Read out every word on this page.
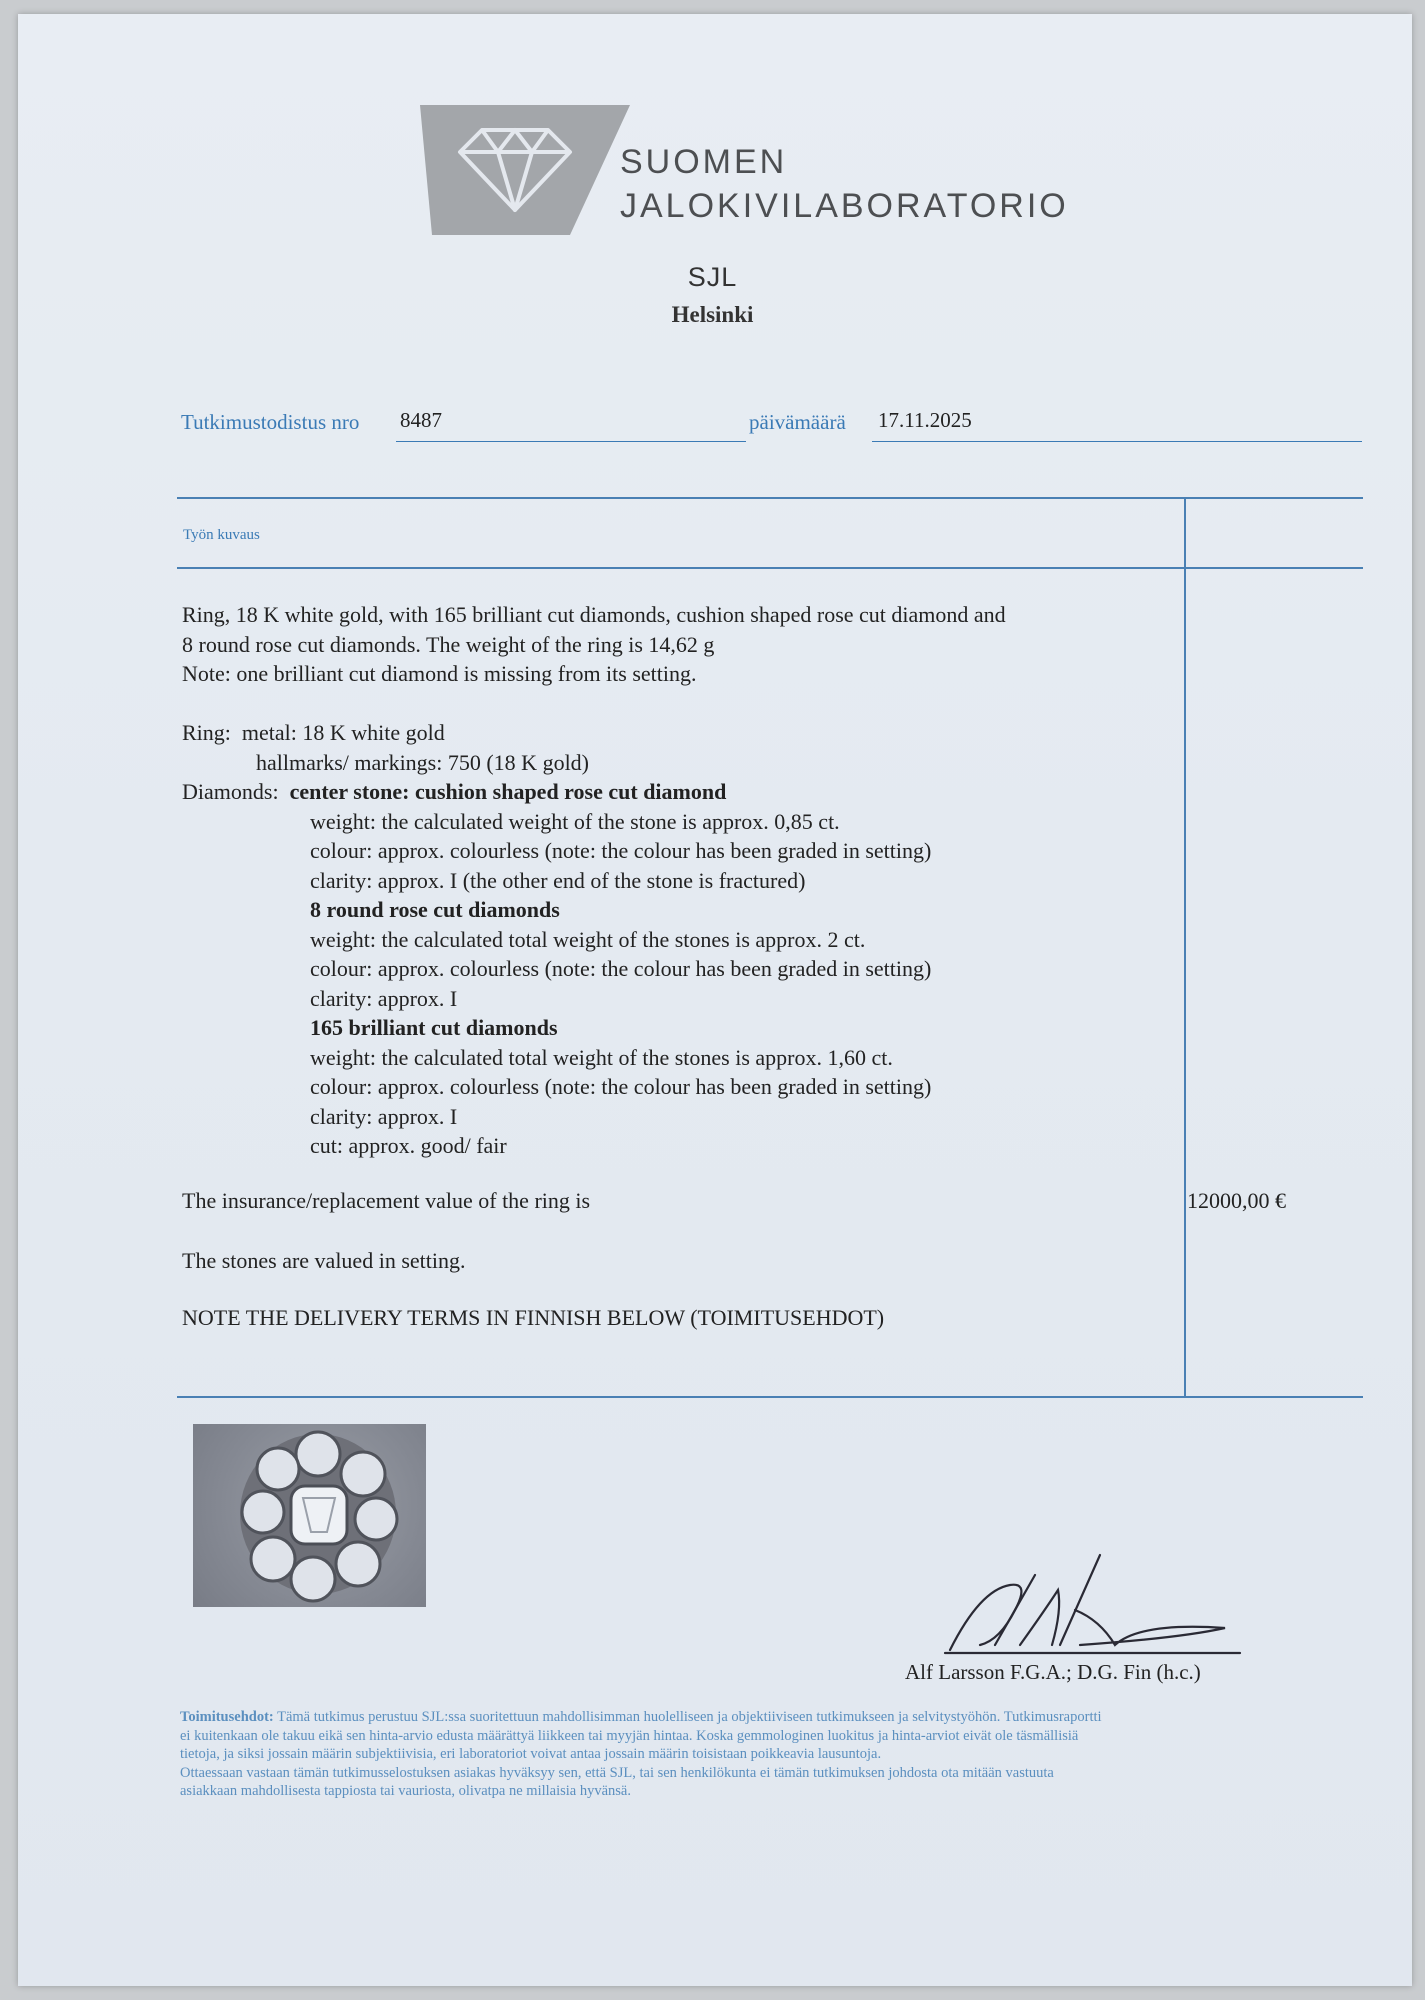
SUOMEN
JALOKIVILABORATORIO
SJL
Helsinki
Tutkimustodistus nro 8487	päivämäärä 17.11.2025
Työn kuvaus
Ring, 18 K white gold, with 165 brilliant cut diamonds, cushion shaped rose cut diamond and
8 round rose cut diamonds. The weight of the ring is 14,62 g
Note: one brilliant cut diamond is missing from its setting.
Ring: metal: 18 K white gold
hallmarks/ markings: 750 (18 K gold)
Diamonds: center stone: cushion shaped rose cut diamond
weight: the calculated weight of the stone is approx. 0,85 ct.
colour: approx. colourless (note: the colour has been graded in setting)
clarity: approx. I (the other end of the stone is fractured)
8 round rose cut diamonds
weight: the calculated total weight of the stones is approx. 2 ct.
colour: approx. colourless (note: the colour has been graded in setting)
clarity: approx. I
165 brilliant cut diamonds
weight: the calculated total weight of the stones is approx. 1,60 ct.
colour: approx. colourless (note: the colour has been graded in setting)
clarity: approx. I
cut: approx. good/ fair
The insurance/replacement value of the ring is	12000,00 €
The stones are valued in setting.
NOTE THE DELIVERY TERMS IN FINNISH BELOW (TOIMITUSEHDOT)
Alf Larsson F.G.A.; D.G. Fin (h.c.)
Toimitusehdot: Tämä tutkimus perustuu SJL:ssa suoritettuun mahdollisimman huolelliseen ja objektiiviseen tutkimukseen ja selvitystyöhön. Tutkimusraportti
ei kuitenkaan ole takuu eikä sen hinta-arvio edusta määrättyä liikkeen tai myyjän hintaa. Koska gemmologinen luokitus ja hinta-arviot eivät ole täsmällisiä
tietoja, ja siksi jossain määrin subjektiivisia, eri laboratoriot voivat antaa jossain määrin toisistaan poikkeavia lausuntoja.
Ottaessaan vastaan tämän tutkimusselostuksen asiakas hyväksyy sen, että SJL, tai sen henkilökunta ei tämän tutkimuksen johdosta ota mitään vastuuta
asiakkaan mahdollisesta tappiosta tai vauriosta, olivatpa ne millaisia hyvänsä.
